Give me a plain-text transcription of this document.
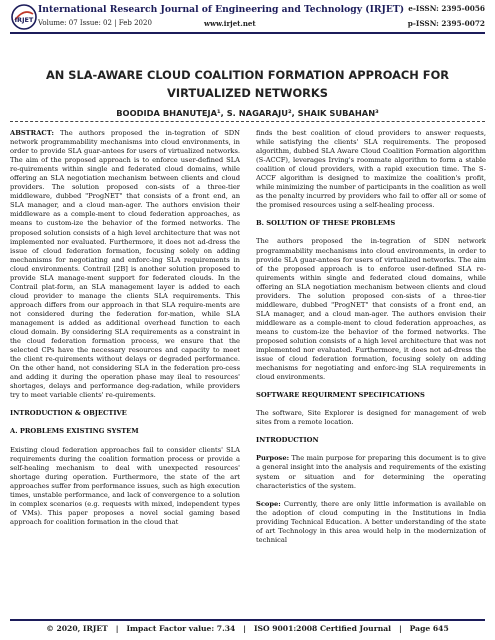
IRJET
International Research Journal of Engineering and Technology (IRJET)
Volume: 07 Issue: 02 | Feb 2020	www.irjet.net
e-ISSN: 2395-0056
p-ISSN: 2395-0072
AN SLA-AWARE CLOUD COALITION FORMATION APPROACH FOR
VIRTUALIZED NETWORKS
BOODIDA BHANUTEJA¹, S. NAGARAJU², SHAIK SUBAHAN³

ABSTRACT: The authors proposed the in-tegration of SDN network programmability mechanisms into cloud environments, in order to provide SLA guar-antees for users of virtualized networks. The aim of the proposed approach is to enforce user-defined SLA re-quirements within single and federated cloud domains, while offering an SLA negotiation mechanism between clients and cloud providers. The solution proposed con-sists of a three-tier middleware, dubbed "ProgNET" that consists of a front end, an SLA manager, and a cloud man-ager. The authors envision their middleware as a comple-ment to cloud federation approaches, as means to custom-ize the behavior of the formed networks. The proposed solution consists of a high level architecture that was not implemented nor evaluated. Furthermore, it does not ad-dress the issue of cloud federation formation, focusing solely on adding mechanisms for negotiating and enforc-ing SLA requirements in cloud environments. Contrail [2B] is another solution proposed to provide SLA manage-ment support for federated clouds. In the Contrail plat-form, an SLA management layer is added to each cloud provider to manage the clients SLA requirements. This approach differs from our approach in that SLA require-ments are not considered during the federation for-mation, while SLA management is added as additional overhead function to each cloud domain. By considering SLA requirements as a constraint in the cloud federation formation process, we ensure that the selected CPs have the necessary resources and capacity to meet the client re-quirements without delays or degraded performance. On the other hand, not considering SLA in the federation pro-cess and adding it during the operation phase may ileal to resources' shortages, delays and performance deg-radation, while providers try to meet variable clients' re-quirements.

INTRODUCTION & OBJECTIVE
A. PROBLEMS EXISTING SYSTEM

Existing cloud federation approaches fail to consider clients' SLA requirements during the coalition formation process or provide a self-healing mechanism to deal with unexpected resources' shortage during operation. Furthermore, the state of the art approaches suffer from performance issues, such as high execution times, unstable performance, and lack of convergence to a solution in complex scenarios (e.g. requests with mixed, independent types of VMs). This paper proposes a novel social gaming based approach for coalition formation in the cloud that

finds the best coalition of cloud providers to answer requests, while satisfying the clients' SLA requirements. The proposed algorithm, dubbed SLA Aware Cloud Coalition Formation algorithm (S-ACCF), leverages Irving's roommate algorithm to form a stable coalition of cloud providers, with a rapid execution time. The S-ACCF algorithm is designed to maximize the coalition's profit, while minimizing the number of participants in the coalition as well as the penalty incurred by providers who fail to offer all or some of the promised resources using a self-healing process.

B. SOLUTION OF THESE PROBLEMS

The authors proposed the in-tegration of SDN network programmability mechanisms into cloud environments, in order to provide SLA guar-antees for users of virtualized networks. The aim of the proposed approach is to enforce user-defined SLA re-quirements within single and federated cloud domains, while offering an SLA negotiation mechanism between clients and cloud providers. The solution proposed con-sists of a three-tier middleware, dubbed "ProgNET" that consists of a front end, an SLA manager, and a cloud man-ager. The authors envision their middleware as a comple-ment to cloud federation approaches, as means to custom-ize the behavior of the formed networks. The proposed solution consists of a high level architecture that was not implemented nor evaluated. Furthermore, it does not ad-dress the issue of cloud federation formation, focusing solely on adding mechanisms for negotiating and enforc-ing SLA requirements in cloud environments.

SOFTWARE REQUIRMENT SPECIFICATIONS

The software, Site Explorer is designed for management of web sites from a remote location.

INTRODUCTION

Purpose: The main purpose for preparing this document is to give a general insight into the analysis and requirements of the existing system or situation and for determining the operating characteristics of the system.

Scope: Currently, there are only little information is available on the adoption of cloud computing in the Institutions in India providing Technical Education. A better understanding of the state of art Technology in this area would help in the modernization of technical

© 2020, IRJET | Impact Factor value: 7.34 | ISO 9001:2008 Certified Journal | Page 645
